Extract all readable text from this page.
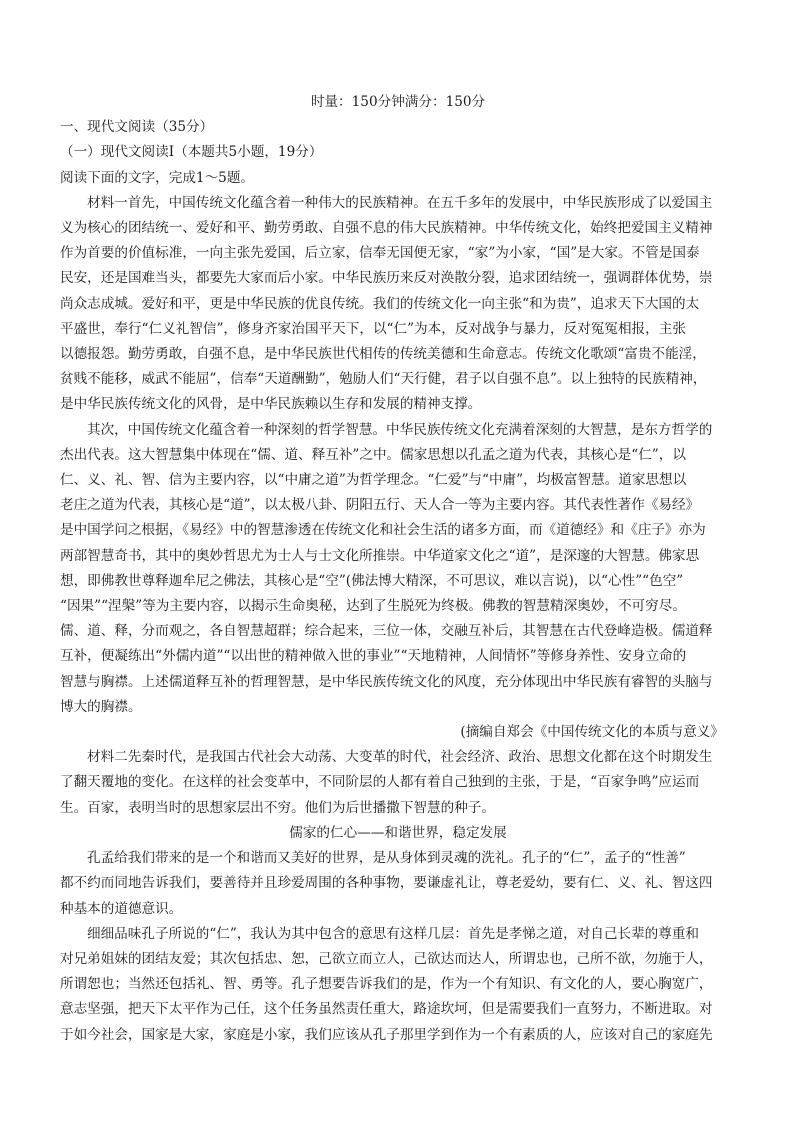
时量：150分钟满分：150分
一、现代文阅读（35分）
（一）现代文阅读Ⅰ（本题共5小题，19分）
阅读下面的文字，完成1～5题。
材料一首先，中国传统文化蕴含着一种伟大的民族精神。在五千多年的发展中，中华民族形成了以爱国主
义为核心的团结统一、爱好和平、勤劳勇敢、自强不息的伟大民族精神。中华传统文化，始终把爱国主义精神
作为首要的价值标准，一向主张先爱国，后立家，信奉无国便无家，“家”为小家，“国”是大家。不管是国泰
民安，还是国难当头，都要先大家而后小家。中华民族历来反对涣散分裂，追求团结统一，强调群体优势，崇
尚众志成城。爱好和平，更是中华民族的优良传统。我们的传统文化一向主张“和为贵”，追求天下大国的太
平盛世，奉行“仁义礼智信”，修身齐家治国平天下，以“仁”为本，反对战争与暴力，反对冤冤相报，主张
以德报怨。勤劳勇敢，自强不息，是中华民族世代相传的传统美德和生命意志。传统文化歌颂“富贵不能淫，
贫贱不能移，威武不能屈”，信奉“天道酬勤”，勉励人们“天行健，君子以自强不息”。以上独特的民族精神，
是中华民族传统文化的风骨，是中华民族赖以生存和发展的精神支撑。
其次，中国传统文化蕴含着一种深刻的哲学智慧。中华民族传统文化充满着深刻的大智慧，是东方哲学的
杰出代表。这大智慧集中体现在“儒、道、释互补”之中。儒家思想以孔孟之道为代表，其核心是“仁”，以
仁、义、礼、智、信为主要内容，以“中庸之道”为哲学理念。“仁爱”与“中庸”，均极富智慧。道家思想以
老庄之道为代表，其核心是“道”，以太极八卦、阴阳五行、天人合一等为主要内容。其代表性著作《易经》
是中国学问之根据，《易经》中的智慧渗透在传统文化和社会生活的诸多方面，而《道德经》和《庄子》亦为
两部智慧奇书，其中的奥妙哲思尤为士人与士文化所推崇。中华道家文化之“道”，是深邃的大智慧。佛家思
想，即佛教世尊释迦牟尼之佛法，其核心是“空”(佛法博大精深，不可思议，难以言说)，以“心性”“色空”
“因果”“涅槃”等为主要内容，以揭示生命奥秘，达到了生脱死为终极。佛教的智慧精深奥妙，不可穷尽。
儒、道、释，分而观之，各自智慧超群；综合起来，三位一体，交融互补后，其智慧在古代登峰造极。儒道释
互补，便凝练出“外儒内道”“以出世的精神做入世的事业”“天地精神，人间情怀”等修身养性、安身立命的
智慧与胸襟。上述儒道释互补的哲理智慧，是中华民族传统文化的风度，充分体现出中华民族有睿智的头脑与
博大的胸襟。
(摘编自郑会《中国传统文化的本质与意义》
材料二先秦时代，是我国古代社会大动荡、大变革的时代，社会经济、政治、思想文化都在这个时期发生
了翻天覆地的变化。在这样的社会变革中，不同阶层的人都有着自己独到的主张，于是，“百家争鸣”应运而
生。百家，表明当时的思想家层出不穷。他们为后世播撒下智慧的种子。
儒家的仁心——和谐世界，稳定发展
孔孟给我们带来的是一个和谐而又美好的世界，是从身体到灵魂的洗礼。孔子的“仁”，孟子的“性善”
都不约而同地告诉我们，要善待并且珍爱周围的各种事物，要谦虚礼让，尊老爱幼，要有仁、义、礼、智这四
种基本的道德意识。
细细品味孔子所说的“仁”，我认为其中包含的意思有这样几层：首先是孝悌之道，对自己长辈的尊重和
对兄弟姐妹的团结友爱；其次包括忠、恕，己欲立而立人，己欲达而达人，所谓忠也，己所不欲，勿施于人，
所谓恕也；当然还包括礼、智、勇等。孔子想要告诉我们的是，作为一个有知识、有文化的人，要心胸宽广，
意志坚强，把天下太平作为己任，这个任务虽然责任重大，路途坎坷，但是需要我们一直努力，不断进取。对
于如今社会，国家是大家，家庭是小家，我们应该从孔子那里学到作为一个有素质的人，应该对自己的家庭先
